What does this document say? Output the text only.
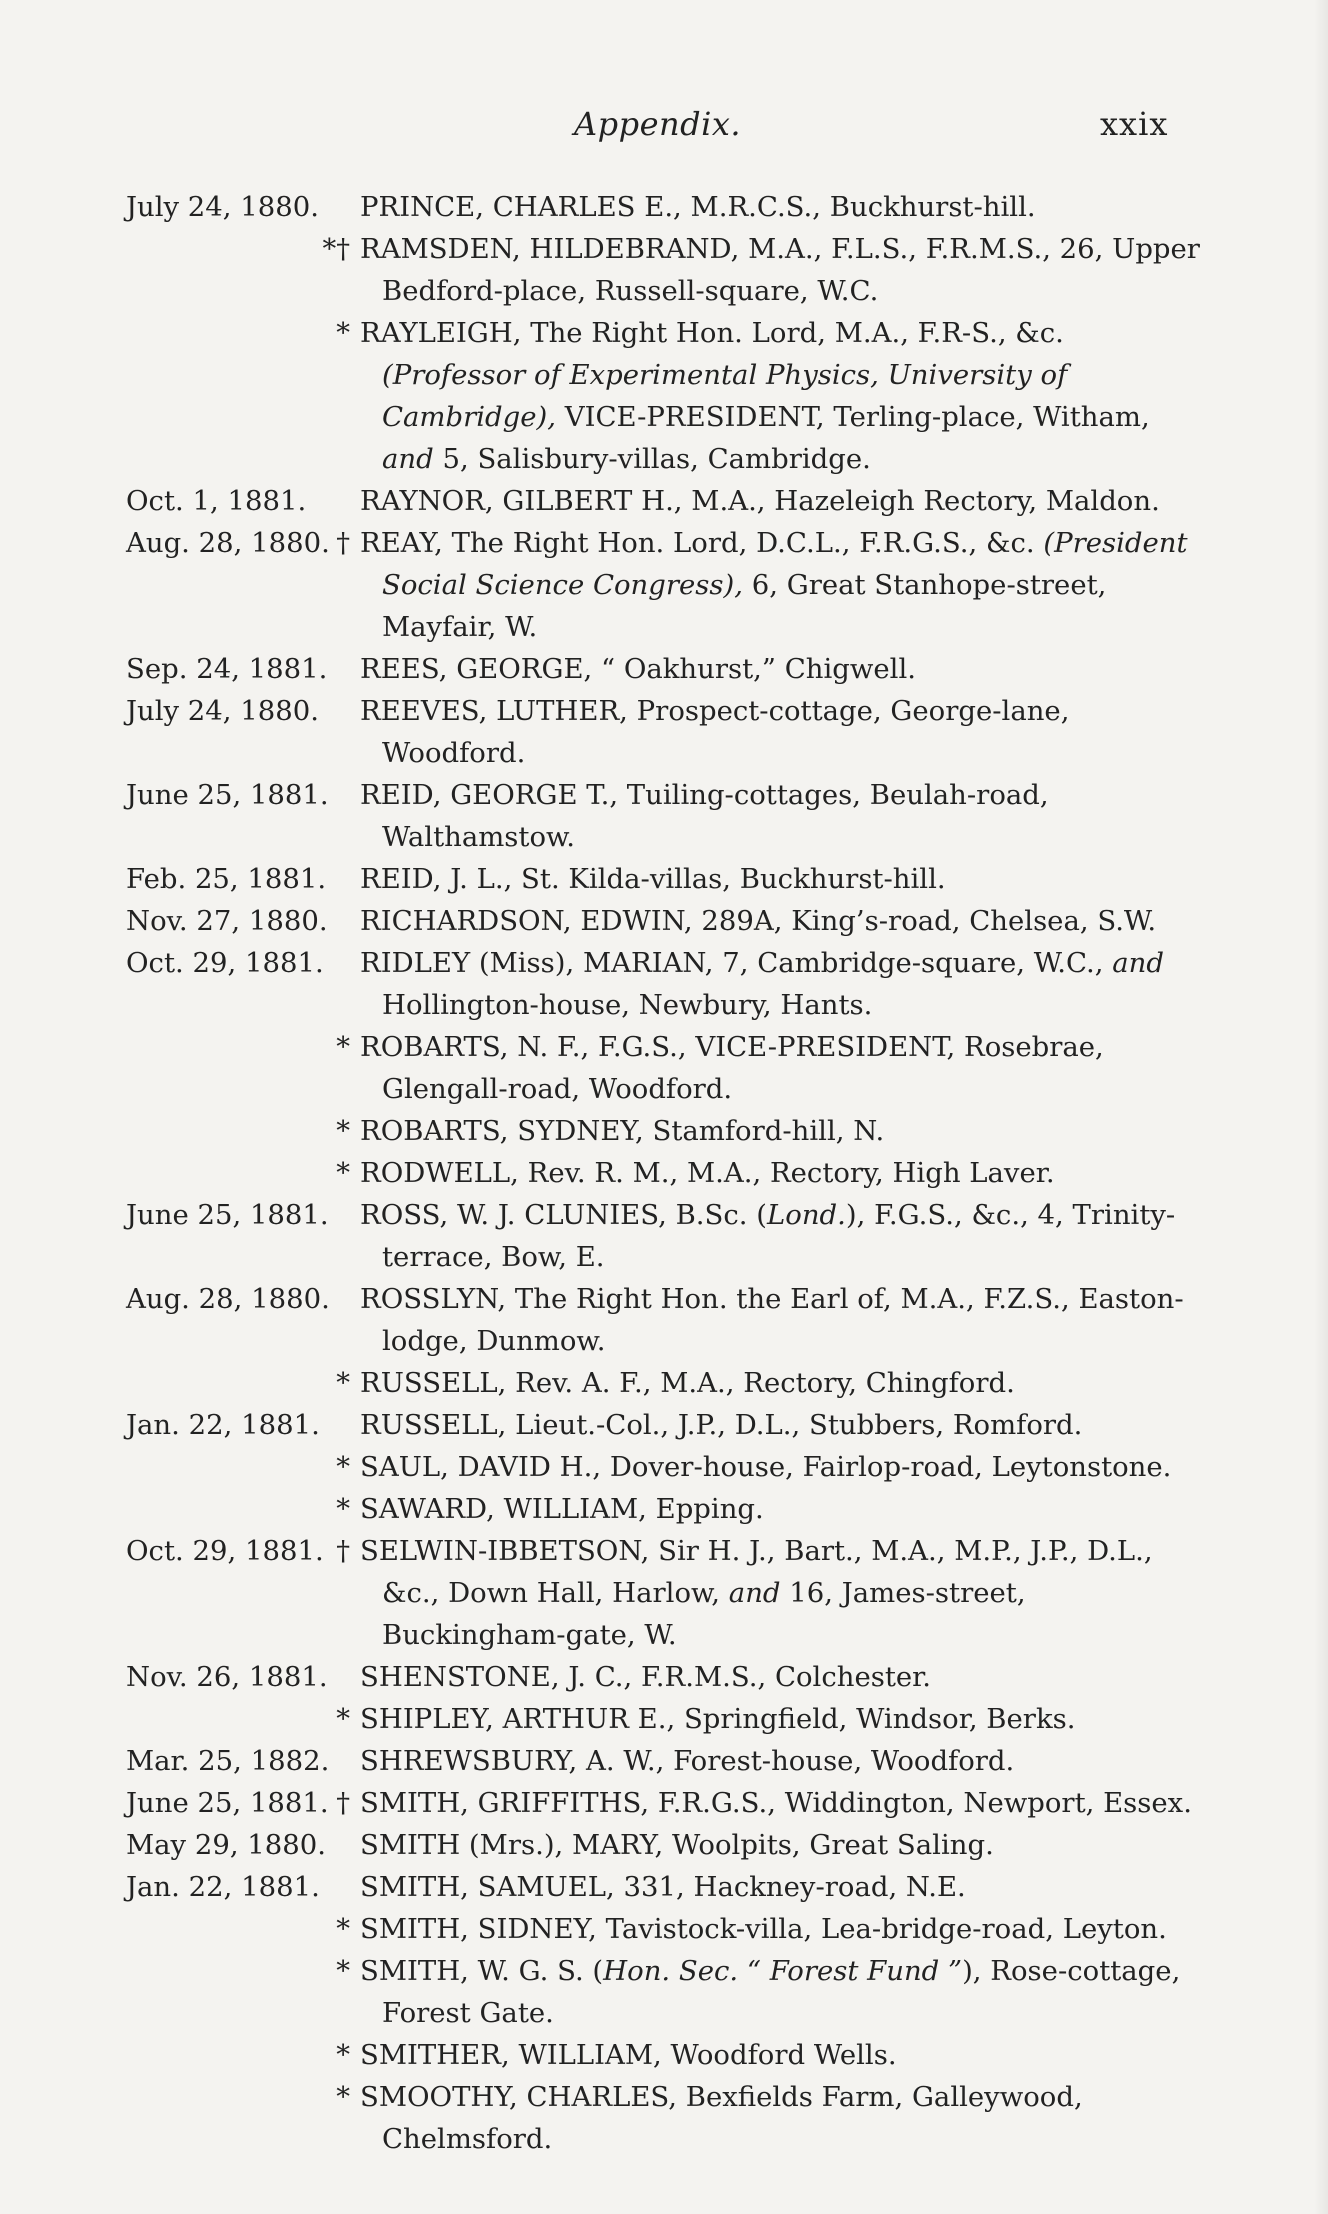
Appendix.	xxix
July 24, 1880. PRINCE, CHARLES E., M.R.C.S., Buckhurst-hill.
*† RAMSDEN, HILDEBRAND, M.A., F.L.S., F.R.M.S., 26, Upper Bedford-place, Russell-square, W.C.
* RAYLEIGH, The Right Hon. Lord, M.A., F.R-S., &c. (Professor of Experimental Physics, University of Cambridge), VICE-PRESIDENT, Terling-place, Witham, and 5, Salisbury-villas, Cambridge.
Oct. 1, 1881. RAYNOR, GILBERT H., M.A., Hazeleigh Rectory, Maldon.
Aug. 28, 1880. † REAY, The Right Hon. Lord, D.C.L., F.R.G.S., &c. (President Social Science Congress), 6, Great Stanhope-street, Mayfair, W.
Sep. 24, 1881. REES, GEORGE, “ Oakhurst,” Chigwell.
July 24, 1880. REEVES, LUTHER, Prospect-cottage, George-lane, Woodford.
June 25, 1881. REID, GEORGE T., Tuiling-cottages, Beulah-road, Walthamstow.
Feb. 25, 1881. REID, J. L., St. Kilda-villas, Buckhurst-hill.
Nov. 27, 1880. RICHARDSON, EDWIN, 289A, King’s-road, Chelsea, S.W.
Oct. 29, 1881. RIDLEY (Miss), MARIAN, 7, Cambridge-square, W.C., and Hollington-house, Newbury, Hants.
* ROBARTS, N. F., F.G.S., VICE-PRESIDENT, Rosebrae, Glengall-road, Woodford.
* ROBARTS, SYDNEY, Stamford-hill, N.
* RODWELL, Rev. R. M., M.A., Rectory, High Laver.
June 25, 1881. ROSS, W. J. CLUNIES, B.Sc. (Lond.), F.G.S., &c., 4, Trinity-terrace, Bow, E.
Aug. 28, 1880. ROSSLYN, The Right Hon. the Earl of, M.A., F.Z.S., Easton-lodge, Dunmow.
* RUSSELL, Rev. A. F., M.A., Rectory, Chingford.
Jan. 22, 1881. RUSSELL, Lieut.-Col., J.P., D.L., Stubbers, Romford.
* SAUL, DAVID H., Dover-house, Fairlop-road, Leytonstone.
* SAWARD, WILLIAM, Epping.
Oct. 29, 1881. † SELWIN-IBBETSON, Sir H. J., Bart., M.A., M.P., J.P., D.L., &c., Down Hall, Harlow, and 16, James-street, Buckingham-gate, W.
Nov. 26, 1881. SHENSTONE, J. C., F.R.M.S., Colchester.
* SHIPLEY, ARTHUR E., Springfield, Windsor, Berks.
Mar. 25, 1882. SHREWSBURY, A. W., Forest-house, Woodford.
June 25, 1881. † SMITH, GRIFFITHS, F.R.G.S., Widdington, Newport, Essex.
May 29, 1880. SMITH (Mrs.), MARY, Woolpits, Great Saling.
Jan. 22, 1881. SMITH, SAMUEL, 331, Hackney-road, N.E.
* SMITH, SIDNEY, Tavistock-villa, Lea-bridge-road, Leyton.
* SMITH, W. G. S. (Hon. Sec. “ Forest Fund ”), Rose-cottage, Forest Gate.
* SMITHER, WILLIAM, Woodford Wells.
* SMOOTHY, CHARLES, Bexfields Farm, Galleywood, Chelmsford.
